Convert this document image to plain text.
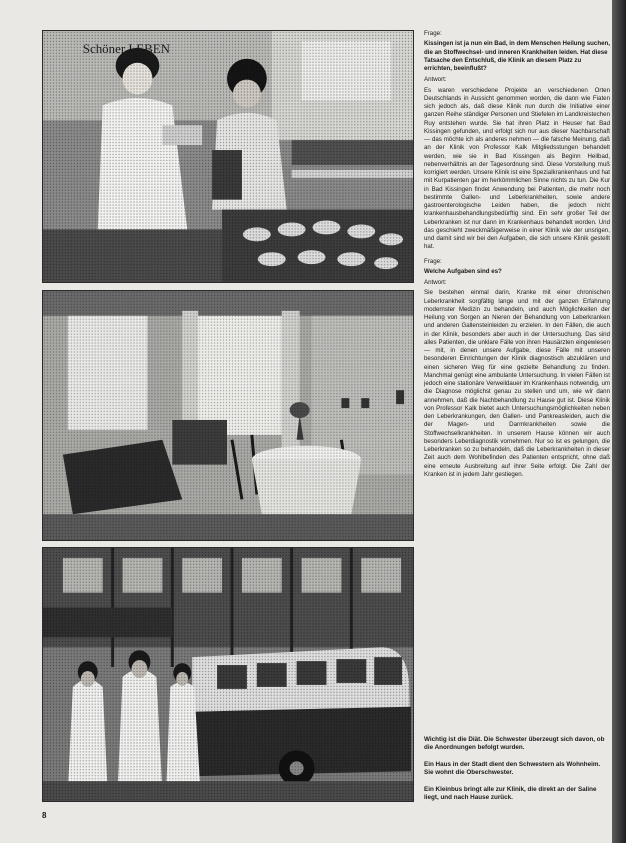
Frage:

Kissingen ist ja nun ein Bad, in dem Menschen Heilung suchen, die an Stoffwechsel- und inneren Krankheiten leiden. Hat diese Tatsache den Entschluß, die Klinik an diesem Platz zu errichten, beeinflußt?

Antwort:

Es waren verschiedene Projekte an verschiedenen Orten Deutschlands in Aussicht genommen worden, die dann wie Fiaten sich jedoch als, daß diese Klinik nun durch die Initiative einer ganzen Reihe ständiger Personen und Stiefelen im Landkreistechen Ruy entstehen wurde. Sie hat ihren Platz in Heuser hat Bad Kissingen gefunden, und erfolgt sich nur aus dieser Nachbarschaft — das möchte ich als anderes nehmen — die falsche Meinung, daß an der Klinik von Professor Kalk Mitgliedsstungen behandelt werden, wie sie in Bad Kissingen als Beginn Heilbad, nebenverhältnis an der Tagesordnung sind. Diese Vorstellung muß korrigiert werden. Unsere Klinik ist eine Spezialkrankenhaus und hat mit Kurpatienten gar im herkömmlichen Sinne nichts zu tun. Die Kur in Bad Kissingen findet Anwendung bei Patienten, die mehr noch bestimmte Gallen- und Leberkrankheiten, sowie andere gastroenterologische Leiden haben, die jedoch nicht krankenhausbehandlungsbedürftig sind. Ein sehr großer Teil der Leberkranken ist nur dann im Krankenhaus behandelt worden. Und das geschieht zweckmäßigerweise in einer Klinik wie der unsrigen, und damit sind wir bei den Aufgaben, die sich unsere Klinik gestellt hat.

Frage:

Welche Aufgaben sind es?

Antwort:

Sie bestehen einmal darin, Kranke mit einer chronischen Leberkrankheit sorgfältig lange und mit der ganzen Erfahrung modernster Medizin zu behandeln, und auch Möglichkeiten der Heilung von Sorgen an Nieren der Behandlung von Leberkranken und anderen Gallensteinleiden zu erzielen. In den Fällen, die auch in der Klinik, besonders aber auch in der Untersuchung. Das sind alles Patienten, die unklare Fälle von ihren Hausärzten eingewiesen — mit, in denen unsere Aufgabe, diese Fälle mit unseren besonderen Einrichtungen der Klinik diagnostisch abzuklären und einen sicheren Weg für eine gezielte Behandlung zu finden. Manchmal genügt eine ambulante Untersuchung. In vielen Fällen ist jedoch eine stationäre Verweildauer im Krankenhaus notwendig, um die Diagnose möglichst genau zu stellen und um, wie wir dann annehmen, daß die Nachbehandlung zu Hause gut ist. Diese Klinik von Professor Kalk bietet auch Untersuchungsmöglichkeiten neben den Leberkrankungen, den Gallen- und Pankreasleiden, auch die der Magen- und Darmkrankheiten sowie die Stoffwechselkrankheiten. In unserem Hause können wir auch besonders Leberdiagnostik vornehmen. Nur so ist es gelungen, die Leberkranken so zu behandeln, daß die Leberkrankheiten in dieser Zeit auch dem Wohlbefinden des Patienten entspricht, ohne daß eine erneute Ausbreitung auf ihrer Seite erfolgt. Die Zahl der Kranken ist in jedem Jahr gestiegen.

Wichtig ist die Diät. Die Schwester überzeugt sich davon, ob die Anordnungen befolgt wurden.

Ein Haus in der Stadt dient den Schwestern als Wohnheim. Sie wohnt die Oberschwester.

Ein Kleinbus bringt alle zur Klinik, die direkt an der Saline liegt, und nach Hause zurück.

8
